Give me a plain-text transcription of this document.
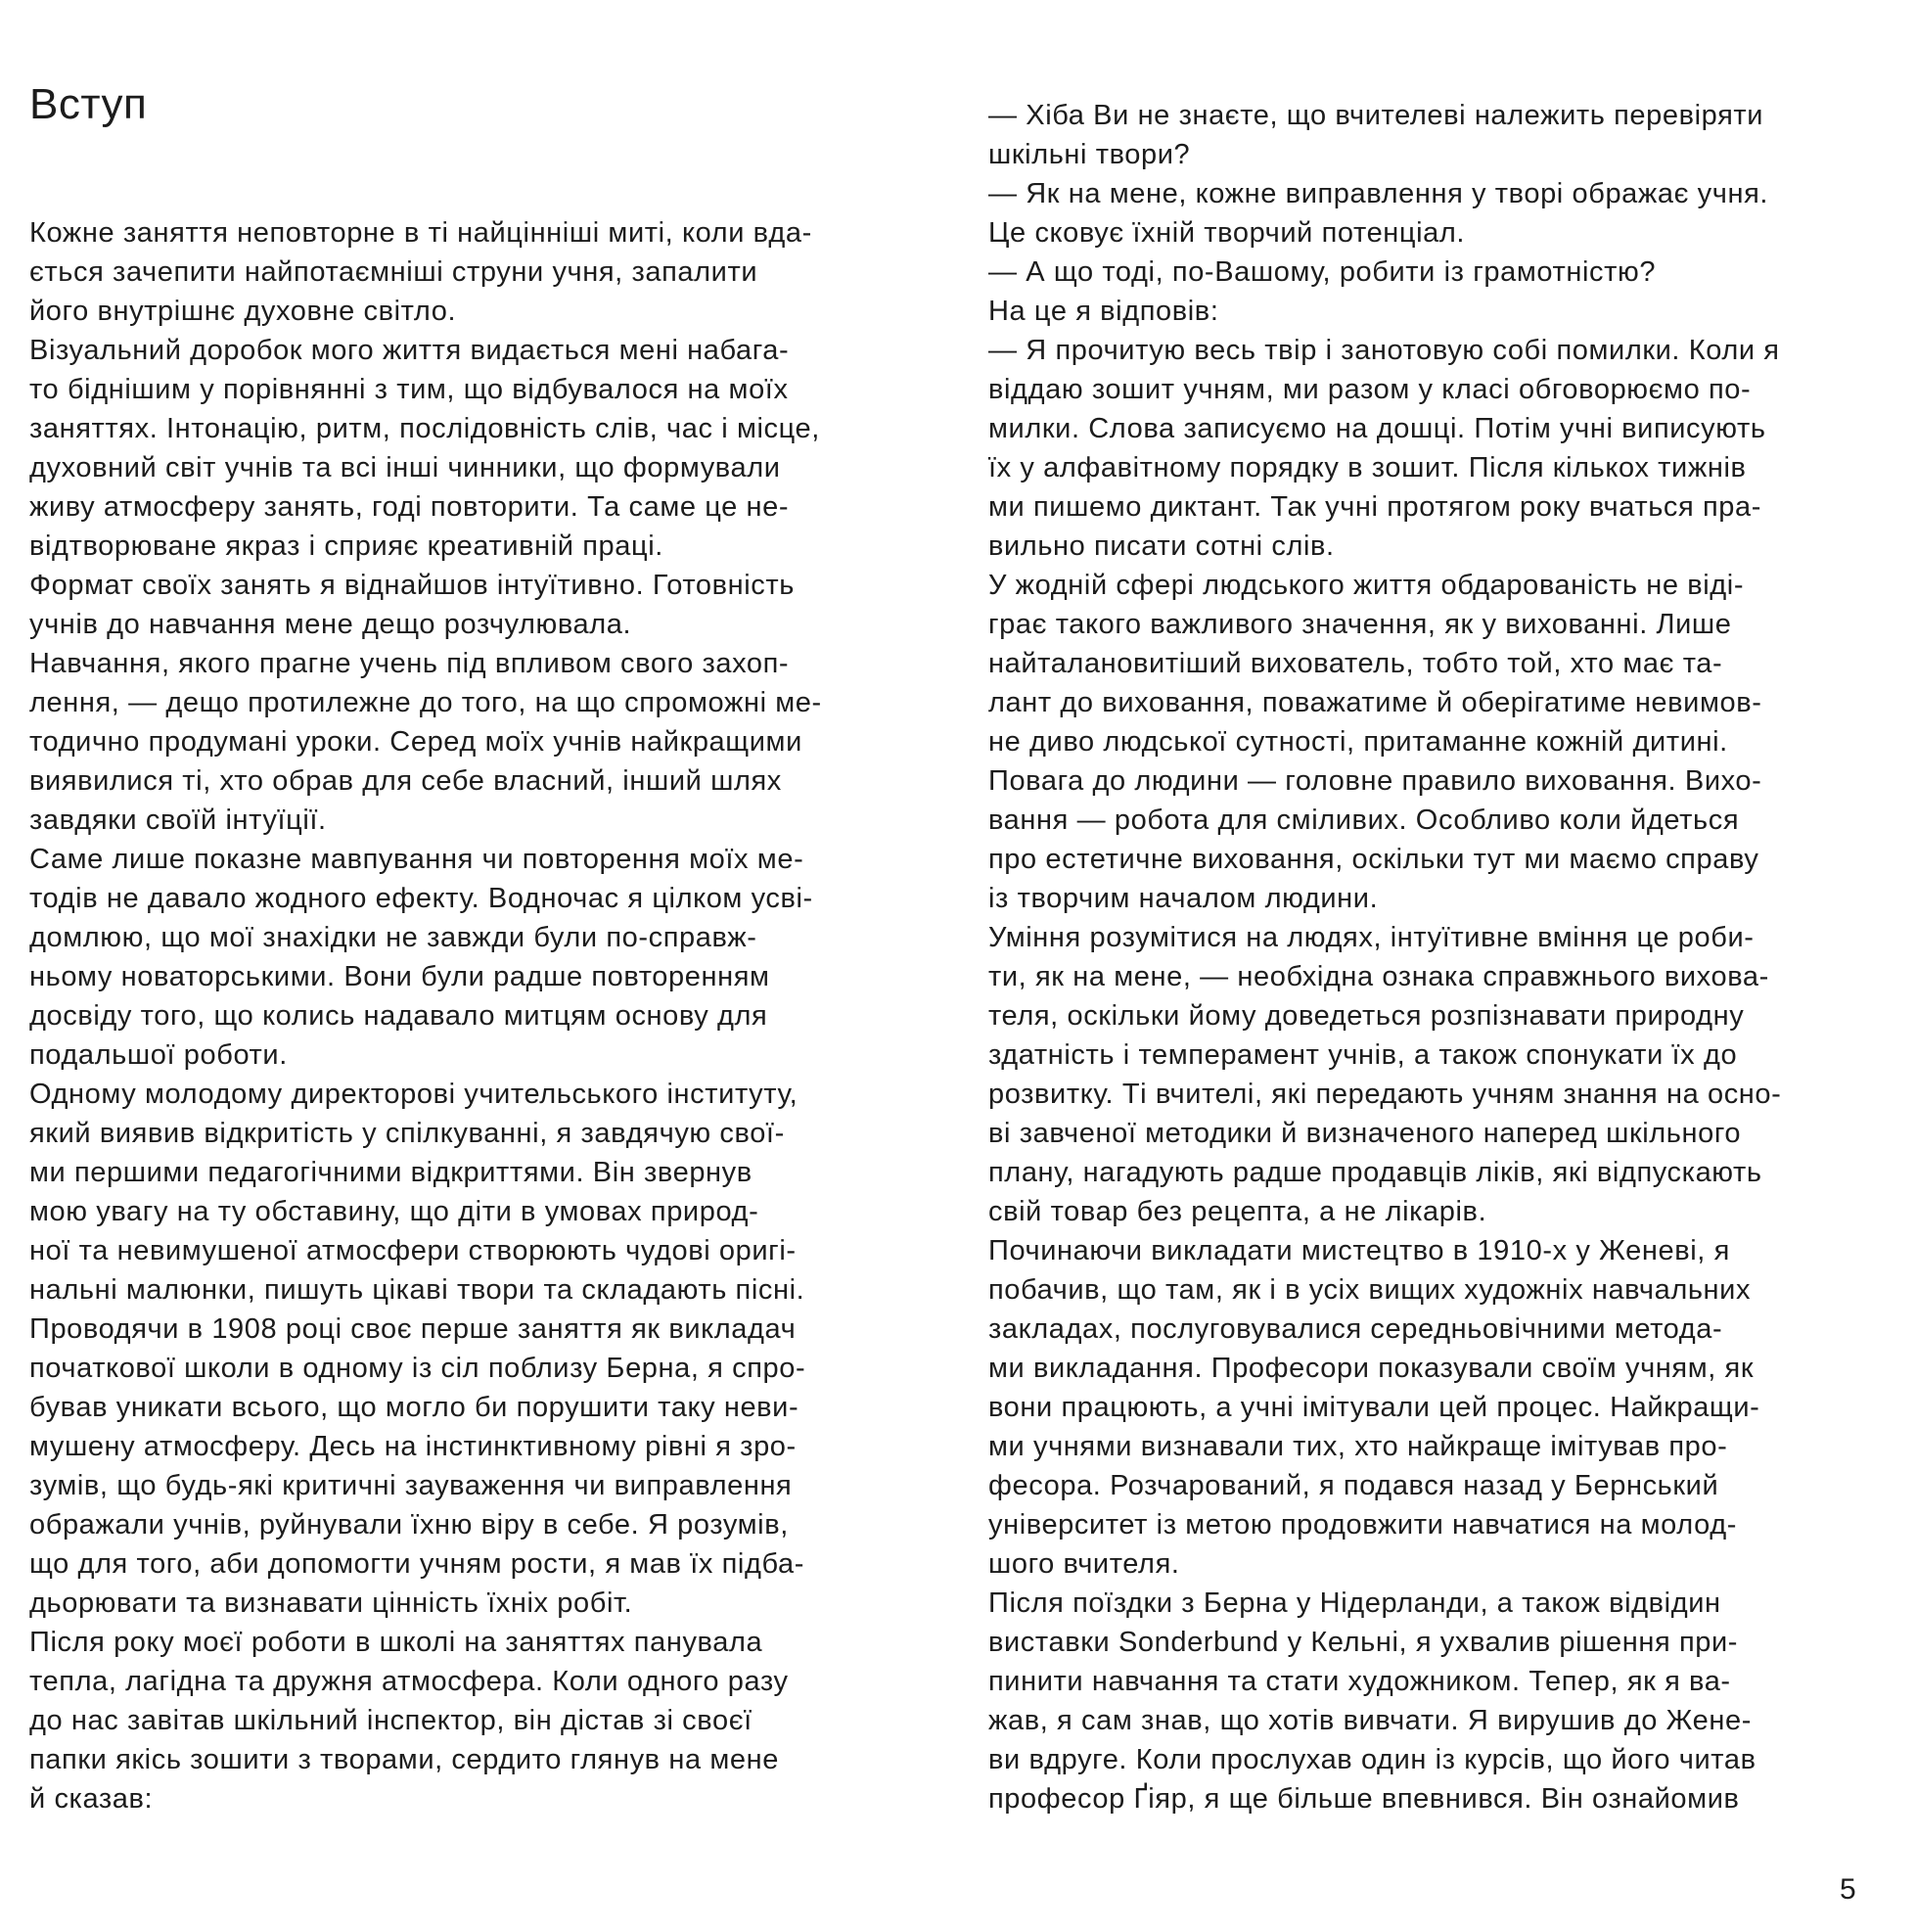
Вступ
Кожне заняття неповторне в ті найцінніші миті, коли вда-
ється зачепити найпотаємніші струни учня, запалити
його внутрішнє духовне світло.
Візуальний доробок мого життя видається мені набага-
то біднішим у порівнянні з тим, що відбувалося на моїх
заняттях. Інтонацію, ритм, послідовність слів, час і місце,
духовний світ учнів та всі інші чинники, що формували
живу атмосферу занять, годі повторити. Та саме це не-
відтворюване якраз і сприяє креативній праці.
Формат своїх занять я віднайшов інтуїтивно. Готовність
учнів до навчання мене дещо розчулювала.
Навчання, якого прагне учень під впливом свого захоп-
лення, — дещо протилежне до того, на що спроможні ме-
тодично продумані уроки. Серед моїх учнів найкращими
виявилися ті, хто обрав для себе власний, інший шлях
завдяки своїй інтуїції.
Саме лише показне мавпування чи повторення моїх ме-
тодів не давало жодного ефекту. Водночас я цілком усві-
домлюю, що мої знахідки не завжди були по-справж-
ньому новаторськими. Вони були радше повторенням
досвіду того, що колись надавало митцям основу для
подальшої роботи.
Одному молодому директорові учительського інституту,
який виявив відкритість у спілкуванні, я завдячую свої-
ми першими педагогічними відкриттями. Він звернув
мою увагу на ту обставину, що діти в умовах природ-
ної та невимушеної атмосфери створюють чудові оригі-
нальні малюнки, пишуть цікаві твори та складають пісні.
Проводячи в 1908 році своє перше заняття як викладач
початкової школи в одному із сіл поблизу Берна, я спро-
бував уникати всього, що могло би порушити таку неви-
мушену атмосферу. Десь на інстинктивному рівні я зро-
зумів, що будь-які критичні зауваження чи виправлення
ображали учнів, руйнували їхню віру в себе. Я розумів,
що для того, аби допомогти учням рости, я мав їх підба-
дьорювати та визнавати цінність їхніх робіт.
Після року моєї роботи в школі на заняттях панувала
тепла, лагідна та дружня атмосфера. Коли одного разу
до нас завітав шкільний інспектор, він дістав зі своєї
папки якісь зошити з творами, сердито глянув на мене
й сказав:
— Хіба Ви не знаєте, що вчителеві належить перевіряти
шкільні твори?
— Як на мене, кожне виправлення у творі ображає учня.
Це сковує їхній творчий потенціал.
— А що тоді, по-Вашому, робити із грамотністю?
На це я відповів:
— Я прочитую весь твір і занотовую собі помилки. Коли я
віддаю зошит учням, ми разом у класі обговорюємо по-
милки. Слова записуємо на дошці. Потім учні виписують
їх у алфавітному порядку в зошит. Після кількох тижнів
ми пишемо диктант. Так учні протягом року вчаться пра-
вильно писати сотні слів.
У жодній сфері людського життя обдарованість не віді-
грає такого важливого значення, як у вихованні. Лише
найталановитіший вихователь, тобто той, хто має та-
лант до виховання, поважатиме й оберігатиме невимов-
не диво людської сутності, притаманне кожній дитині.
Повага до людини — головне правило виховання. Вихо-
вання — робота для сміливих. Особливо коли йдеться
про естетичне виховання, оскільки тут ми маємо справу
із творчим началом людини.
Уміння розумітися на людях, інтуїтивне вміння це роби-
ти, як на мене, — необхідна ознака справжнього вихова-
теля, оскільки йому доведеться розпізнавати природну
здатність і темперамент учнів, а також спонукати їх до
розвитку. Ті вчителі, які передають учням знання на осно-
ві завченої методики й визначеного наперед шкільного
плану, нагадують радше продавців ліків, які відпускають
свій товар без рецепта, а не лікарів.
Починаючи викладати мистецтво в 1910-х у Женеві, я
побачив, що там, як і в усіх вищих художніх навчальних
закладах, послуговувалися середньовічними метода-
ми викладання. Професори показували своїм учням, як
вони працюють, а учні імітували цей процес. Найкращи-
ми учнями визнавали тих, хто найкраще імітував про-
фесора. Розчарований, я подався назад у Бернський
університет із метою продовжити навчатися на молод-
шого вчителя.
Після поїздки з Берна у Нідерланди, а також відвідин
виставки Sonderbund у Кельні, я ухвалив рішення при-
пинити навчання та стати художником. Тепер, як я ва-
жав, я сам знав, що хотів вивчати. Я вирушив до Жене-
ви вдруге. Коли прослухав один із курсів, що його читав
професор Ґіяр, я ще більше впевнився. Він ознайомив
5
